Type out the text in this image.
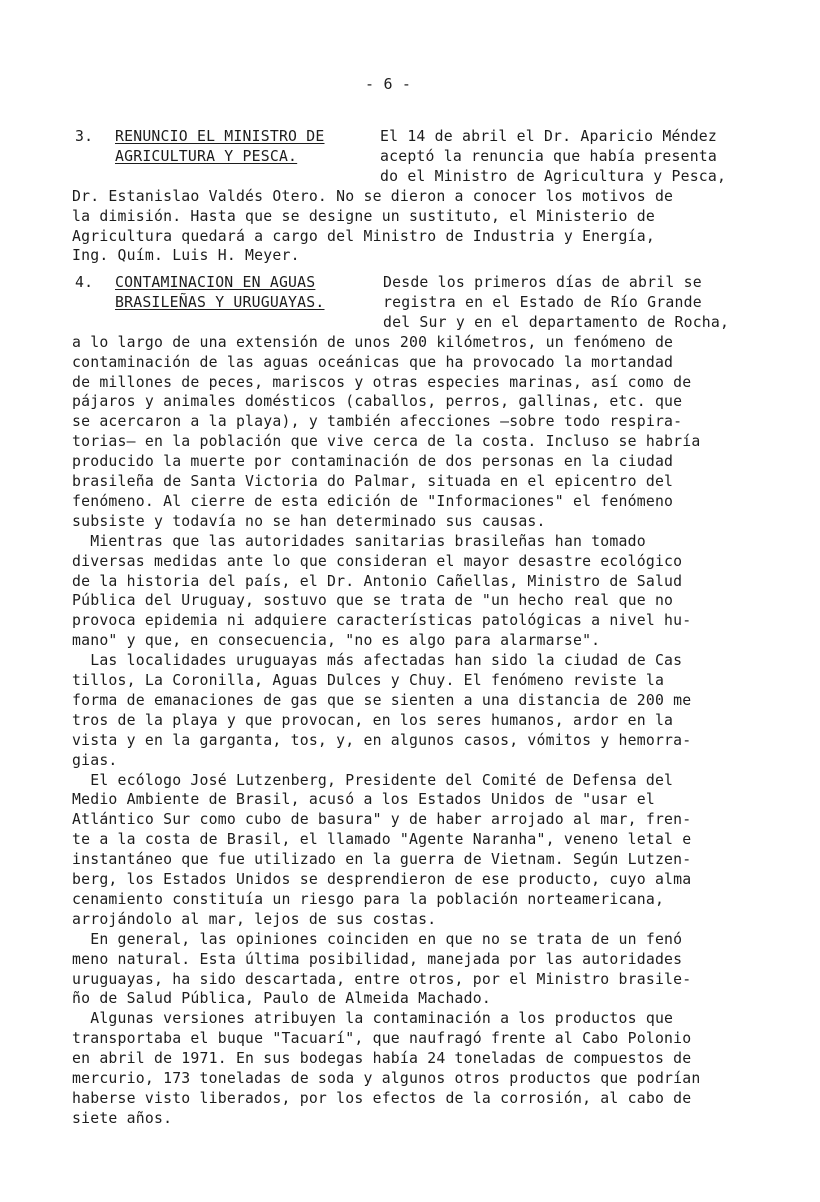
- 6 -
3. RENUNCIO EL MINISTRO DE
AGRICULTURA Y PESCA.
El 14 de abril el Dr. Aparicio Méndez
aceptó la renuncia que había presenta
do el Ministro de Agricultura y Pesca,
Dr. Estanislao Valdés Otero. No se dieron a conocer los motivos de
la dimisión. Hasta que se designe un sustituto, el Ministerio de
Agricultura quedará a cargo del Ministro de Industria y Energía,
Ing. Quím. Luis H. Meyer.
4. CONTAMINACION EN AGUAS
BRASILEÑAS Y URUGUAYAS.
Desde los primeros días de abril se
registra en el Estado de Río Grande
del Sur y en el departamento de Rocha,
a lo largo de una extensión de unos 200 kilómetros, un fenómeno de
contaminación de las aguas oceánicas que ha provocado la mortandad
de millones de peces, mariscos y otras especies marinas, así como de
pájaros y animales domésticos (caballos, perros, gallinas, etc. que
se acercaron a la playa), y también afecciones —sobre todo respira-
torias— en la población que vive cerca de la costa. Incluso se habría
producido la muerte por contaminación de dos personas en la ciudad
brasileña de Santa Victoria do Palmar, situada en el epicentro del
fenómeno. Al cierre de esta edición de "Informaciones" el fenómeno
subsiste y todavía no se han determinado sus causas.
Mientras que las autoridades sanitarias brasileñas han tomado
diversas medidas ante lo que consideran el mayor desastre ecológico
de la historia del país, el Dr. Antonio Cañellas, Ministro de Salud
Pública del Uruguay, sostuvo que se trata de "un hecho real que no
provoca epidemia ni adquiere características patológicas a nivel hu-
mano" y que, en consecuencia, "no es algo para alarmarse".
Las localidades uruguayas más afectadas han sido la ciudad de Cas
tillos, La Coronilla, Aguas Dulces y Chuy. El fenómeno reviste la
forma de emanaciones de gas que se sienten a una distancia de 200 me
tros de la playa y que provocan, en los seres humanos, ardor en la
vista y en la garganta, tos, y, en algunos casos, vómitos y hemorra-
gias.
El ecólogo José Lutzenberg, Presidente del Comité de Defensa del
Medio Ambiente de Brasil, acusó a los Estados Unidos de "usar el
Atlántico Sur como cubo de basura" y de haber arrojado al mar, fren-
te a la costa de Brasil, el llamado "Agente Naranha", veneno letal e
instantáneo que fue utilizado en la guerra de Vietnam. Según Lutzen-
berg, los Estados Unidos se desprendieron de ese producto, cuyo alma
cenamiento constituía un riesgo para la población norteamericana,
arrojándolo al mar, lejos de sus costas.
En general, las opiniones coinciden en que no se trata de un fenó
meno natural. Esta última posibilidad, manejada por las autoridades
uruguayas, ha sido descartada, entre otros, por el Ministro brasile-
ño de Salud Pública, Paulo de Almeida Machado.
Algunas versiones atribuyen la contaminación a los productos que
transportaba el buque "Tacuarí", que naufragó frente al Cabo Polonio
en abril de 1971. En sus bodegas había 24 toneladas de compuestos de
mercurio, 173 toneladas de soda y algunos otros productos que podrían
haberse visto liberados, por los efectos de la corrosión, al cabo de
siete años.
